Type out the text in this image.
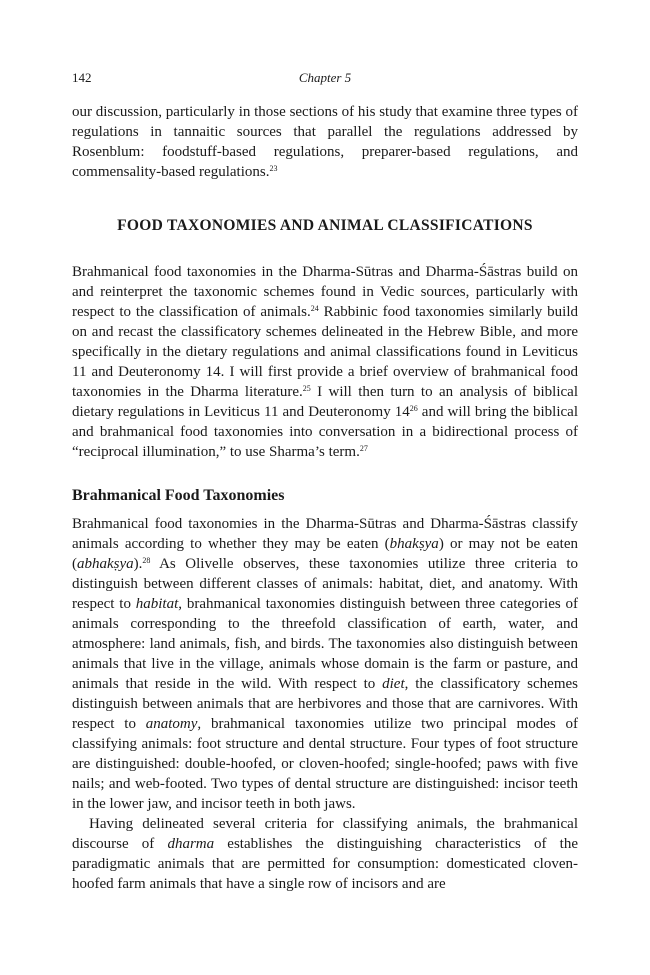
142	Chapter 5

our discussion, particularly in those sections of his study that examine three types of regulations in tannaitic sources that parallel the regulations addressed by Rosenblum: foodstuff-based regulations, preparer-based regulations, and commensality-based regulations.$^{23}$

FOOD TAXONOMIES AND ANIMAL CLASSIFICATIONS

Brahmanical food taxonomies in the Dharma-Sūtras and Dharma-Śāstras build on and reinterpret the taxonomic schemes found in Vedic sources, particularly with respect to the classification of animals.$^{24}$ Rabbinic food taxonomies similarly build on and recast the classificatory schemes delineated in the Hebrew Bible, and more specifically in the dietary regulations and animal classifications found in Leviticus 11 and Deuteronomy 14. I will first provide a brief overview of brahmanical food taxonomies in the Dharma literature.$^{25}$ I will then turn to an analysis of biblical dietary regulations in Leviticus 11 and Deuteronomy $14^{26}$ and will bring the biblical and brahmanical food taxonomies into conversation in a bidirectional process of “reciprocal illumination,” to use Sharma’s term.$^{27}$

Brahmanical Food Taxonomies

Brahmanical food taxonomies in the Dharma-Sūtras and Dharma-Śāstras classify animals according to whether they may be eaten (bhakṣya) or may not be eaten (abhakṣya).$^{28}$ As Olivelle observes, these taxonomies utilize three criteria to distinguish between different classes of animals: habitat, diet, and anatomy. With respect to habitat, brahmanical taxonomies distinguish between three categories of animals corresponding to the threefold classification of earth, water, and atmosphere: land animals, fish, and birds. The taxonomies also distinguish between animals that live in the village, animals whose domain is the farm or pasture, and animals that reside in the wild. With respect to diet, the classificatory schemes distinguish between animals that are herbivores and those that are carnivores. With respect to anatomy, brahmanical taxonomies utilize two principal modes of classifying animals: foot structure and dental structure. Four types of foot structure are distinguished: double-hoofed, or cloven-hoofed; single-hoofed; paws with five nails; and web-footed. Two types of dental structure are distinguished: incisor teeth in the lower jaw, and incisor teeth in both jaws.

Having delineated several criteria for classifying animals, the brahmanical discourse of dharma establishes the distinguishing characteristics of the paradigmatic animals that are permitted for consumption: domesticated cloven-hoofed farm animals that have a single row of incisors and are
